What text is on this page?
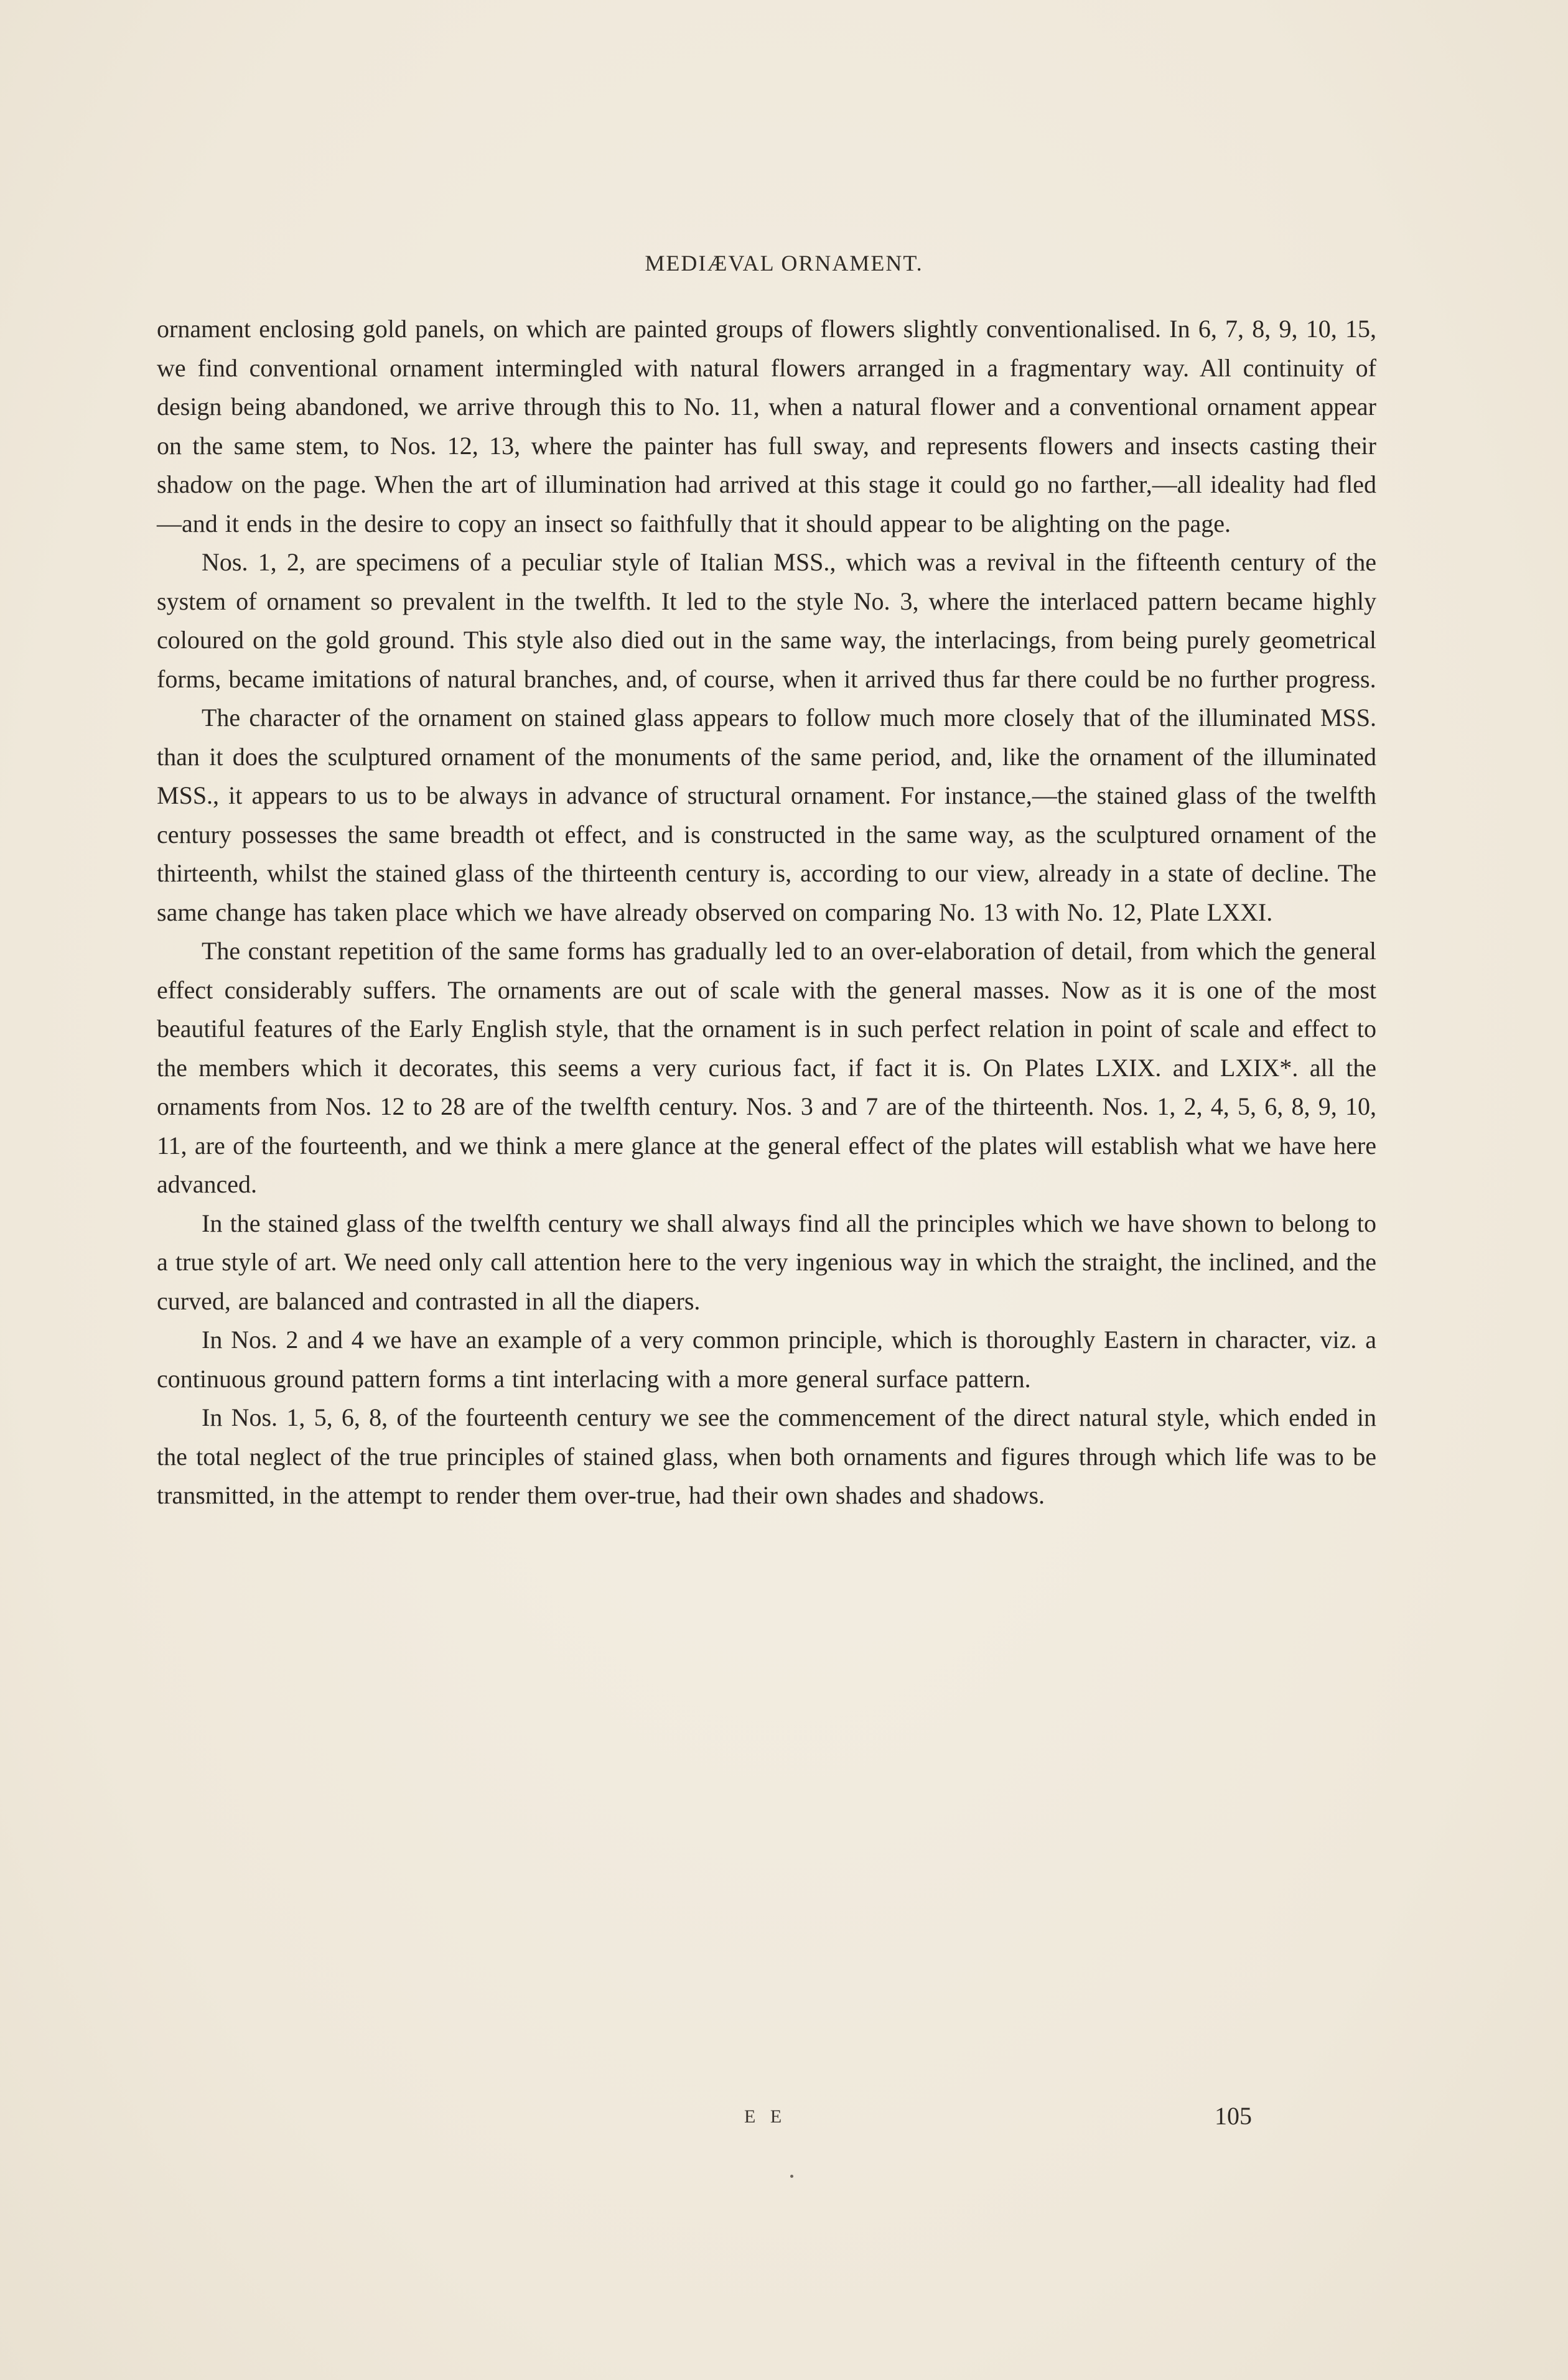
MEDIÆVAL ORNAMENT.

ornament enclosing gold panels, on which are painted groups of flowers slightly conventionalised. In 6, 7, 8, 9, 10, 15, we find conventional ornament intermingled with natural flowers arranged in a fragmentary way. All continuity of design being abandoned, we arrive through this to No. 11, when a natural flower and a conventional ornament appear on the same stem, to Nos. 12, 13, where the painter has full sway, and represents flowers and insects casting their shadow on the page. When the art of illumination had arrived at this stage it could go no farther,—all ideality had fled—and it ends in the desire to copy an insect so faithfully that it should appear to be alighting on the page.

Nos. 1, 2, are specimens of a peculiar style of Italian MSS., which was a revival in the fifteenth century of the system of ornament so prevalent in the twelfth. It led to the style No. 3, where the interlaced pattern became highly coloured on the gold ground. This style also died out in the same way, the interlacings, from being purely geometrical forms, became imitations of natural branches, and, of course, when it arrived thus far there could be no further progress.

The character of the ornament on stained glass appears to follow much more closely that of the illuminated MSS. than it does the sculptured ornament of the monuments of the same period, and, like the ornament of the illuminated MSS., it appears to us to be always in advance of structural ornament. For instance,—the stained glass of the twelfth century possesses the same breadth ot effect, and is constructed in the same way, as the sculptured ornament of the thirteenth, whilst the stained glass of the thirteenth century is, according to our view, already in a state of decline. The same change has taken place which we have already observed on comparing No. 13 with No. 12, Plate LXXI.

The constant repetition of the same forms has gradually led to an over-elaboration of detail, from which the general effect considerably suffers. The ornaments are out of scale with the general masses. Now as it is one of the most beautiful features of the Early English style, that the ornament is in such perfect relation in point of scale and effect to the members which it decorates, this seems a very curious fact, if fact it is. On Plates LXIX. and LXIX*. all the ornaments from Nos. 12 to 28 are of the twelfth century. Nos. 3 and 7 are of the thirteenth. Nos. 1, 2, 4, 5, 6, 8, 9, 10, 11, are of the fourteenth, and we think a mere glance at the general effect of the plates will establish what we have here advanced.

In the stained glass of the twelfth century we shall always find all the principles which we have shown to belong to a true style of art. We need only call attention here to the very ingenious way in which the straight, the inclined, and the curved, are balanced and contrasted in all the diapers.

In Nos. 2 and 4 we have an example of a very common principle, which is thoroughly Eastern in character, viz. a continuous ground pattern forms a tint interlacing with a more general surface pattern.

In Nos. 1, 5, 6, 8, of the fourteenth century we see the commencement of the direct natural style, which ended in the total neglect of the true principles of stained glass, when both ornaments and figures through which life was to be transmitted, in the attempt to render them over-true, had their own shades and shadows.

E E	105
